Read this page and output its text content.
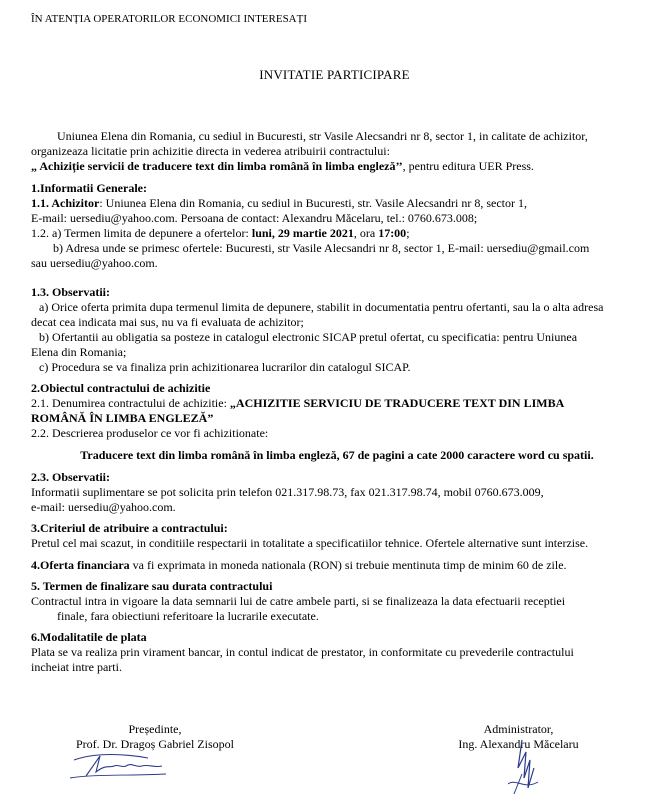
ÎN ATENȚIA OPERATORILOR ECONOMICI INTERESAȚI
INVITATIE PARTICIPARE
Uniunea Elena din Romania, cu sediul in Bucuresti, str Vasile Alecsandri nr 8, sector 1, in calitate de achizitor,
organizeaza licitatie prin achizitie directa in vederea atribuirii contractului:
„ Achiziție servicii de traducere text din limba română în limba engleză’’, pentru editura UER Press.
1.Informatii Generale:
1.1. Achizitor: Uniunea Elena din Romania, cu sediul in Bucuresti, str. Vasile Alecsandri nr 8, sector 1,
E-mail: uersediu@yahoo.com. Persoana de contact: Alexandru Măcelaru, tel.: 0760.673.008;
1.2. a) Termen limita de depunere a ofertelor: luni, 29 martie 2021, ora 17:00;
b) Adresa unde se primesc ofertele: Bucuresti, str Vasile Alecsandri nr 8, sector 1, E-mail: uersediu@gmail.com
sau uersediu@yahoo.com.
1.3. Observatii:
a) Orice oferta primita dupa termenul limita de depunere, stabilit in documentatia pentru ofertanti, sau la o alta adresa
decat cea indicata mai sus, nu va fi evaluata de achizitor;
b) Ofertantii au obligatia sa posteze in catalogul electronic SICAP pretul ofertat, cu specificatia: pentru Uniunea
Elena din Romania;
c) Procedura se va finaliza prin achizitionarea lucrarilor din catalogul SICAP.
2.Obiectul contractului de achizitie
2.1. Denumirea contractului de achizitie: „ACHIZITIE SERVICIU DE TRADUCERE TEXT DIN LIMBA
ROMÂNĂ ÎN LIMBA ENGLEZĂ”
2.2. Descrierea produselor ce vor fi achizitionate:
Traducere text din limba română în limba engleză, 67 de pagini a cate 2000 caractere word cu spatii.
2.3. Observatii:
Informatii suplimentare se pot solicita prin telefon 021.317.98.73, fax 021.317.98.74, mobil 0760.673.009,
e-mail: uersediu@yahoo.com.
3.Criteriul de atribuire a contractului:
Pretul cel mai scazut, in conditiile respectarii in totalitate a specificatiilor tehnice. Ofertele alternative sunt interzise.
4.Oferta financiara va fi exprimata in moneda nationala (RON) si trebuie mentinuta timp de minim 60 de zile.
5. Termen de finalizare sau durata contractului
Contractul intra in vigoare la data semnarii lui de catre ambele parti, si se finalizeaza la data efectuarii receptiei
finale, fara obiectiuni referitoare la lucrarile executate.
6.Modalitatile de plata
Plata se va realiza prin virament bancar, in contul indicat de prestator, in conformitate cu prevederile contractului
incheiat intre parti.
Președinte,
Prof. Dr. Dragoș Gabriel Zisopol
Administrator,
Ing. Alexandru Măcelaru
